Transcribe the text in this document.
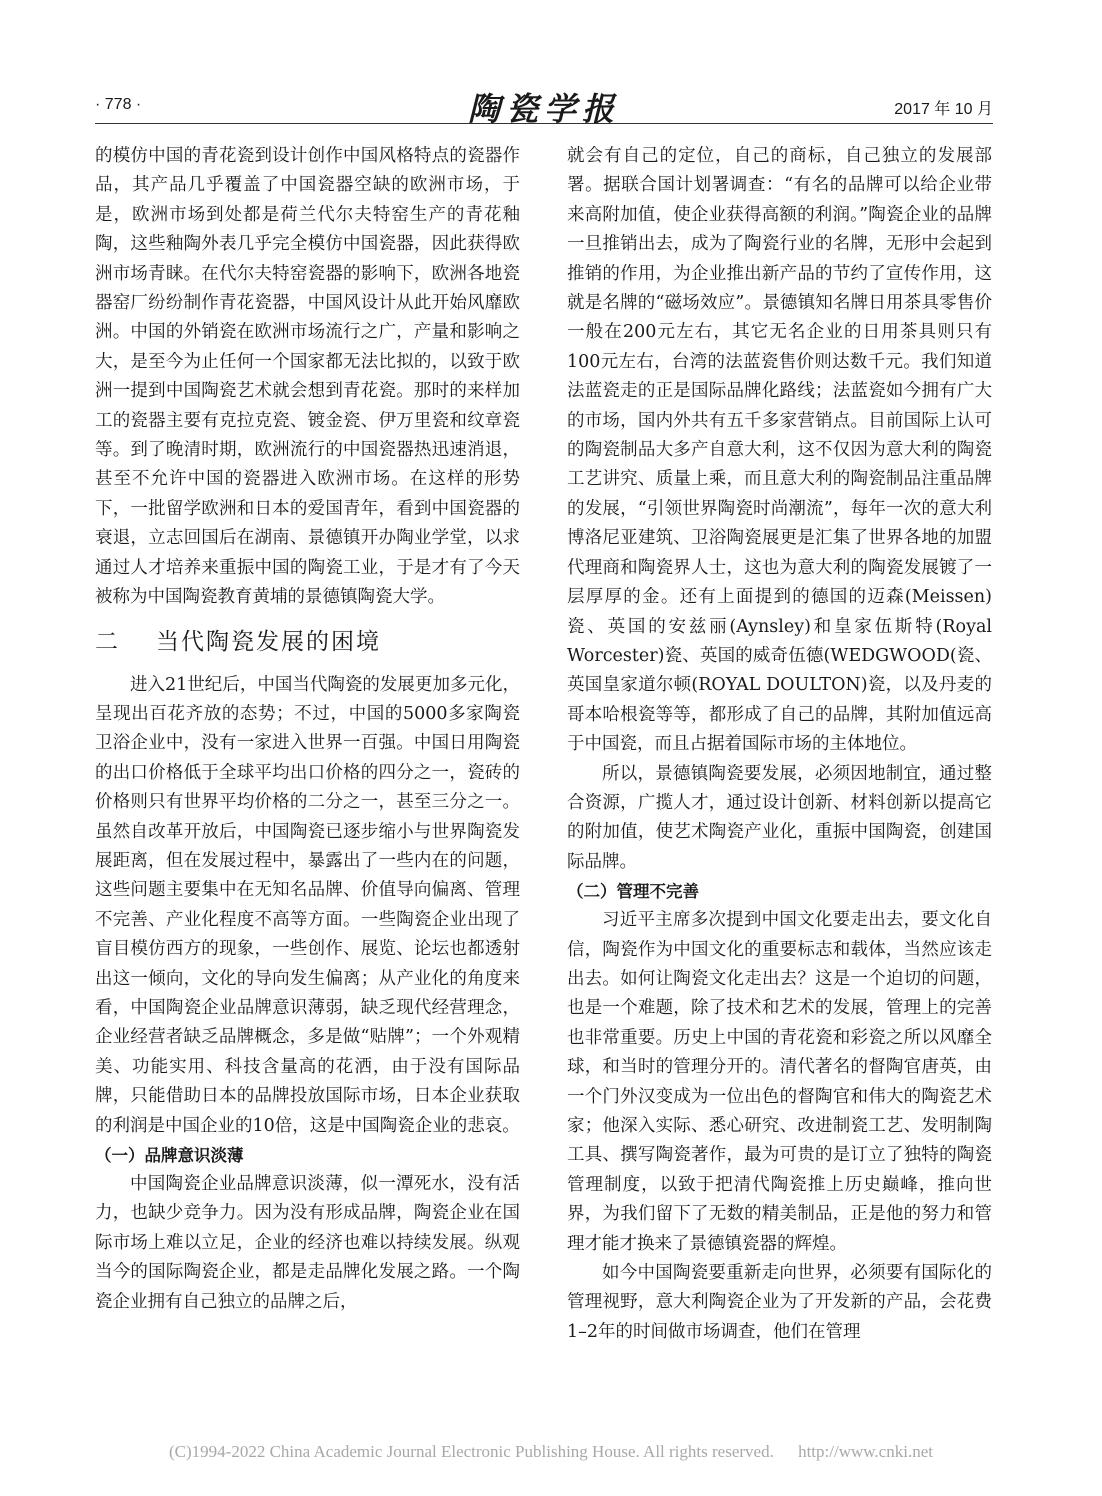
· 778 ·	陶瓷学报	2017 年 10 月

的模仿中国的青花瓷到设计创作中国风格特点的瓷器作品，其产品几乎覆盖了中国瓷器空缺的欧洲市场，于是，欧洲市场到处都是荷兰代尔夫特窑生产的青花釉陶，这些釉陶外表几乎完全模仿中国瓷器，因此获得欧洲市场青睐。在代尔夫特窑瓷器的影响下，欧洲各地瓷器窑厂纷纷制作青花瓷器，中国风设计从此开始风靡欧洲。中国的外销瓷在欧洲市场流行之广，产量和影响之大，是至今为止任何一个国家都无法比拟的，以致于欧洲一提到中国陶瓷艺术就会想到青花瓷。那时的来样加工的瓷器主要有克拉克瓷、镀金瓷、伊万里瓷和纹章瓷等。到了晚清时期，欧洲流行的中国瓷器热迅速消退，甚至不允许中国的瓷器进入欧洲市场。在这样的形势下，一批留学欧洲和日本的爱国青年，看到中国瓷器的衰退，立志回国后在湖南、景德镇开办陶业学堂，以求通过人才培养来重振中国的陶瓷工业，于是才有了今天被称为中国陶瓷教育黄埔的景德镇陶瓷大学。

二 当代陶瓷发展的困境

进入21世纪后，中国当代陶瓷的发展更加多元化，呈现出百花齐放的态势；不过，中国的5000多家陶瓷卫浴企业中，没有一家进入世界一百强。中国日用陶瓷的出口价格低于全球平均出口价格的四分之一，瓷砖的价格则只有世界平均价格的二分之一，甚至三分之一。虽然自改革开放后，中国陶瓷已逐步缩小与世界陶瓷发展距离，但在发展过程中，暴露出了一些内在的问题，这些问题主要集中在无知名品牌、价值导向偏离、管理不完善、产业化程度不高等方面。一些陶瓷企业出现了盲目模仿西方的现象，一些创作、展览、论坛也都透射出这一倾向，文化的导向发生偏离；从产业化的角度来看，中国陶瓷企业品牌意识薄弱，缺乏现代经营理念，企业经营者缺乏品牌概念，多是做“贴牌”；一个外观精美、功能实用、科技含量高的花洒，由于没有国际品牌，只能借助日本的品牌投放国际市场，日本企业获取的利润是中国企业的10倍，这是中国陶瓷企业的悲哀。

（一）品牌意识淡薄

中国陶瓷企业品牌意识淡薄，似一潭死水，没有活力，也缺少竞争力。因为没有形成品牌，陶瓷企业在国际市场上难以立足，企业的经济也难以持续发展。纵观当今的国际陶瓷企业，都是走品牌化发展之路。一个陶瓷企业拥有自己独立的品牌之后，

就会有自己的定位，自己的商标，自己独立的发展部署。据联合国计划署调查：“有名的品牌可以给企业带来高附加值，使企业获得高额的利润。”陶瓷企业的品牌一旦推销出去，成为了陶瓷行业的名牌，无形中会起到推销的作用，为企业推出新产品的节约了宣传作用，这就是名牌的“磁场效应”。景德镇知名牌日用茶具零售价一般在200元左右，其它无名企业的日用茶具则只有100元左右，台湾的法蓝瓷售价则达数千元。我们知道法蓝瓷走的正是国际品牌化路线；法蓝瓷如今拥有广大的市场，国内外共有五千多家营销点。目前国际上认可的陶瓷制品大多产自意大利，这不仅因为意大利的陶瓷工艺讲究、质量上乘，而且意大利的陶瓷制品注重品牌的发展，“引领世界陶瓷时尚潮流”，每年一次的意大利博洛尼亚建筑、卫浴陶瓷展更是汇集了世界各地的加盟代理商和陶瓷界人士，这也为意大利的陶瓷发展镀了一层厚厚的金。还有上面提到的德国的迈森(Meissen)瓷、英国的安兹丽(Aynsley)和皇家伍斯特(Royal Worcester)瓷、英国的威奇伍德(WEDGWOOD(瓷、英国皇家道尔顿(ROYAL DOULTON)瓷，以及丹麦的哥本哈根瓷等等，都形成了自己的品牌，其附加值远高于中国瓷，而且占据着国际市场的主体地位。

所以，景德镇陶瓷要发展，必须因地制宜，通过整合资源，广揽人才，通过设计创新、材料创新以提高它的附加值，使艺术陶瓷产业化，重振中国陶瓷，创建国际品牌。

（二）管理不完善

习近平主席多次提到中国文化要走出去，要文化自信，陶瓷作为中国文化的重要标志和载体，当然应该走出去。如何让陶瓷文化走出去？这是一个迫切的问题，也是一个难题，除了技术和艺术的发展，管理上的完善也非常重要。历史上中国的青花瓷和彩瓷之所以风靡全球，和当时的管理分开的。清代著名的督陶官唐英，由一个门外汉变成为一位出色的督陶官和伟大的陶瓷艺术家；他深入实际、悉心研究、改进制瓷工艺、发明制陶工具、撰写陶瓷著作，最为可贵的是订立了独特的陶瓷管理制度，以致于把清代陶瓷推上历史巅峰，推向世界，为我们留下了无数的精美制品，正是他的努力和管理才能才换来了景德镇瓷器的辉煌。

如今中国陶瓷要重新走向世界，必须要有国际化的管理视野，意大利陶瓷企业为了开发新的产品，会花费1–2年的时间做市场调查，他们在管理

(C)1994-2022 China Academic Journal Electronic Publishing House. All rights reserved. http://www.cnki.net
